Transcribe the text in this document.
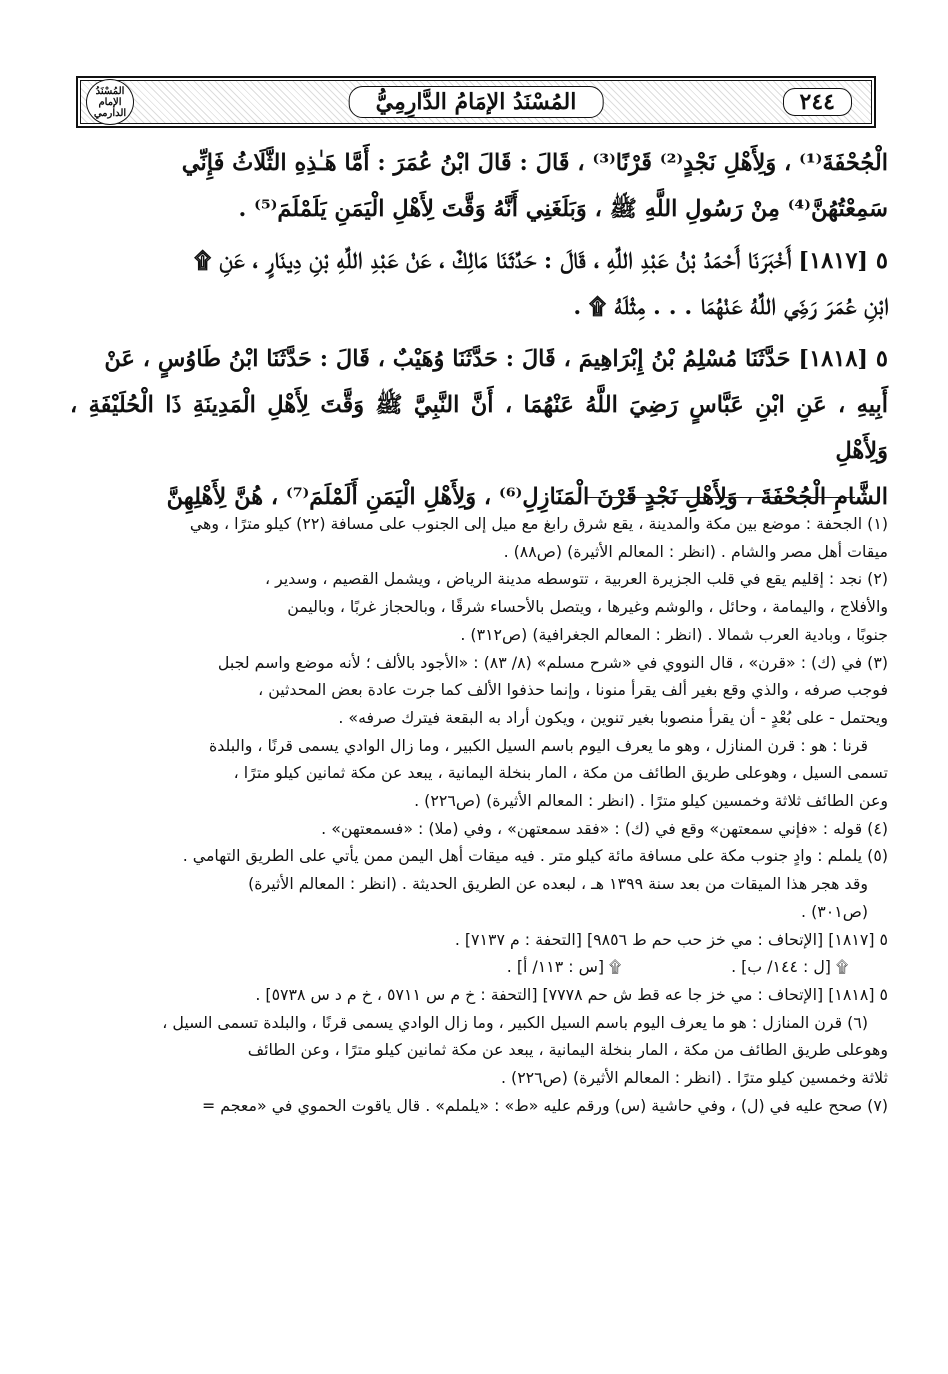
المُسْنَدُ الإمام الدارمي	المُسْنَدُ الإمَامُ الدَّارِمِيُّ	٢٤٤

الْجُحْفَةَ⁽¹⁾ ، وَلِأَهْلِ نَجْدٍ⁽²⁾ قَرْنًا⁽³⁾ ، قَالَ : قَالَ ابْنُ عُمَرَ : أَمَّا هَـٰذِهِ الثَّلَاثُ فَإِنِّي

سَمِعْتُهُنَّ⁽⁴⁾ مِنْ رَسُولِ اللَّهِ ﷺ ، وَبَلَغَنِي أَنَّهُ وَقَّتَ لِأَهْلِ الْيَمَنِ يَلَمْلَمَ⁽⁵⁾ .

٥ [١٨١٧] أَخْبَرَنَا أَحْمَدُ بْنُ عَبْدِ اللَّهِ ، قَالَ : حَدَّثَنَا مَالِكٌ ، عَنْ عَبْدِ اللَّهِ بْنِ دِينَارٍ ، عَنِ ۩

ابْنِ عُمَرَ رَضِيَ اللَّهُ عَنْهُمَا . . . مِثْلَهُ ۩ .

٥ [١٨١٨] حَدَّثَنَا مُسْلِمُ بْنُ إِبْرَاهِيمَ ، قَالَ : حَدَّثَنَا وُهَيْبٌ ، قَالَ : حَدَّثَنَا ابْنُ طَاوُسٍ ، عَنْ

أَبِيهِ ، عَنِ ابْنِ عَبَّاسٍ رَضِيَ اللَّهُ عَنْهُمَا ، أَنَّ النَّبِيَّ ﷺ وَقَّتَ لِأَهْلِ الْمَدِينَةِ ذَا الْحُلَيْفَةِ ، وَلِأَهْلِ

الشَّامِ الْجُحْفَةَ ، وَلِأَهْلِ نَجْدٍ قَرْنَ الْمَنَازِلِ⁽⁶⁾ ، وَلِأَهْلِ الْيَمَنِ أَلَمْلَمَ⁽⁷⁾ ، هُنَّ لِأَهْلِهِنَّ

(١) الجحفة : موضع بين مكة والمدينة ، يقع شرق رابغ مع ميل إلى الجنوب على مسافة (٢٢) كيلو مترًا ، وهي

ميقات أهل مصر والشام . (انظر : المعالم الأثيرة) (ص٨٨) .

(٢) نجد : إقليم يقع في قلب الجزيرة العربية ، تتوسطه مدينة الرياض ، ويشمل القصيم ، وسدير ،

والأفلاج ، واليمامة ، وحائل ، والوشم وغيرها ، ويتصل بالأحساء شرقًا ، وبالحجاز غربًا ، وباليمن

جنوبًا ، وبادية العرب شمالا . (انظر : المعالم الجغرافية) (ص٣١٢) .

(٣) في (ك) : «قرن» ، قال النووي في «شرح مسلم» (٨/ ٨٣) : «الأجود بالألف ؛ لأنه موضع واسم لجبل

فوجب صرفه ، والذي وقع بغير ألف يقرأ منونا ، وإنما حذفوا الألف كما جرت عادة بعض المحدثين ،

ويحتمل - على بُعْدٍ - أن يقرأ منصوبا بغير تنوين ، ويكون أراد به البقعة فيترك صرفه» .

قرنا : هو : قرن المنازل ، وهو ما يعرف اليوم باسم السيل الكبير ، وما زال الوادي يسمى قرنًا ، والبلدة

تسمى السيل ، وهوعلى طريق الطائف من مكة ، المار بنخلة اليمانية ، يبعد عن مكة ثمانين كيلو مترًا ،

وعن الطائف ثلاثة وخمسين كيلو مترًا . (انظر : المعالم الأثيرة) (ص٢٢٦) .

(٤) قوله : «فإني سمعتهن» وقع في (ك) : «فقد سمعتهن» ، وفي (ملا) : «فسمعتهن» .

(٥) يلملم : وادٍ جنوب مكة على مسافة مائة كيلو متر . فيه ميقات أهل اليمن ممن يأتي على الطريق التهامي .

وقد هجر هذا الميقات من بعد سنة ١٣٩٩ هـ ، لبعده عن الطريق الحديثة . (انظر : المعالم الأثيرة)

(ص٣٠١) .

٥ [١٨١٧] [الإتحاف : مي خز حب حم ط ٩٨٥٦] [التحفة : م ٧١٣٧] .

۩ [ل : ١٤٤/ ب] .
۩ [س : ١١٣/ أ] .

٥ [١٨١٨] [الإتحاف : مي خز جا عه قط ش حم ٧٧٧٨] [التحفة : خ م س ٥٧١١ ، خ م د س ٥٧٣٨] .

(٦) قرن المنازل : هو ما يعرف اليوم باسم السيل الكبير ، وما زال الوادي يسمى قرنًا ، والبلدة تسمى السيل ،

وهوعلى طريق الطائف من مكة ، المار بنخلة اليمانية ، يبعد عن مكة ثمانين كيلو مترًا ، وعن الطائف

ثلاثة وخمسين كيلو مترًا . (انظر : المعالم الأثيرة) (ص٢٢٦) .

(٧) صحح عليه في (ل) ، وفي حاشية (س) ورقم عليه «ط» : «يلملم» . قال ياقوت الحموي في «معجم =
